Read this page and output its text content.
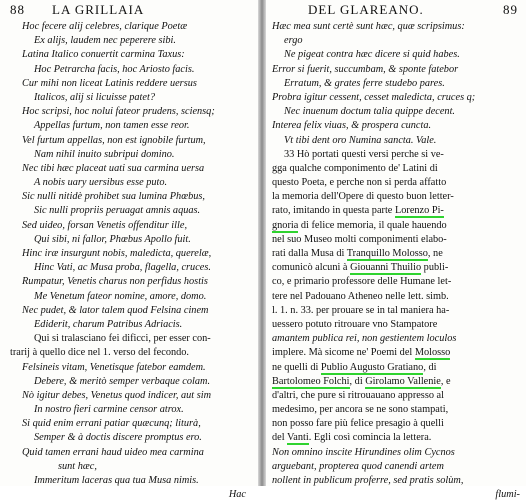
88 LA GRILLAIA
Hoc fecere alij celebres, clarique Poetæ
Ex alijs, laudem nec peperere sibi.
Latina Italico conuertit carmina Taxus:
Hoc Petrarcha facis, hoc Ariosto facis.
Cur mihi non liceat Latinis reddere uersus
Italicos, alij si licuisse patet?
Hoc scripsi, hoc nolui fateor prudens, sciensq;
Appellas furtum, non tamen esse reor.
Vel furtum appellas, non est ignobile furtum,
Nam nihil inuito subripui domino.
Nec tibi hæc placeat uati sua carmina uersa
A nobis uary uersibus esse puto.
Sic nulli nitidè prohibet sua lumina Phœbus,
Sic nulli propriis peruagat amnis aquas.
Sed uideo, forsan Venetis offenditur ille,
Qui sibi, ni fallor, Phœbus Apollo fuit.
Hinc iræ insurgunt nobis, maledicta, querelæ,
Hinc Vati, ac Musa proba, flagella, cruces.
Rumpatur, Venetis charus non perfidus hostis
Me Venetum fateor nomine, amore, domo.
Nec pudet, & lator talem quod Felsina cinem
Ediderit, charum Patribus Adriacis.
Qui si tralasciano fei dificci, per esser con-
trarij à quello dice nel 1. verso del fecondo.
Felsineis vitam, Venetisque fatebor eamdem.
Debere, & meritò semper verbaque colam.
Nò igitur debes, Venetus quod indicer, aut sim
In nostro fieri carmine censor atrox.
Si quid enim errani patiar quæcunq; liturà,
Semper & à doctis discere promptus ero.
Quid tamen errani haud uideo mea carmina
sunt hæc,
Immeritum laceras qua tua Musa nimis.
Hac
DEL GLAREANO.	89
Hæc mea sunt certè sunt hæc, quæ scripsimus:
ergo
Ne pigeat contra hæc dicere si quid habes.
Error si fuerit, succumbam, & sponte fatebor
Erratum, & grates ferre studebo pares.
Probra igitur cessent, cesset maledicta, cruces q;
Nec inuenum doctum talia quippe decent.
Interea felix viuas, & prospera cuncta.
Vt tibi dent oro Numina sancta. Vale.
33 Hò portati questi versi perche si ve-
gga qualche componimento de' Latini di
questo Poeta, e perche non si perda affatto
la memoria dell'Opere di questo buon letter-
rato, imitando in questa parte Lorenzo Pi-
gnoria di felice memoria, il quale hauendo
nel suo Museo molti componimenti elabo-
rati dalla Musa di Tranquillo Molosso, ne
comunicò alcuni à Giouanni Thuilio publi-
co, e primario professore delle Humane let-
tere nel Padouano Atheneo nelle lett. simb.
l. 1. n. 33. per prouare se in tal maniera ha-
uessero potuto ritrouare vno Stampatore
amantem publica rei, non gestientem loculos
implere. Mà sicome ne' Poemi del Molosso
ne quelli di Publio Augusto Gratiano, di
Bartolomeo Folchi, di Girolamo Vallenie, e
d'altri, che pure si ritrouauano appresso al
medesimo, per ancora se ne sono stampati,
non posso fare più felice presagio à quelli
del Vanti. Egli così comincia la lettera.
Non omnino inscite Hirundines olim Cycnos
arguebant, propterea quod canendi artem
nollent in publicum proferre, sed pratis solùm,
flumi-
